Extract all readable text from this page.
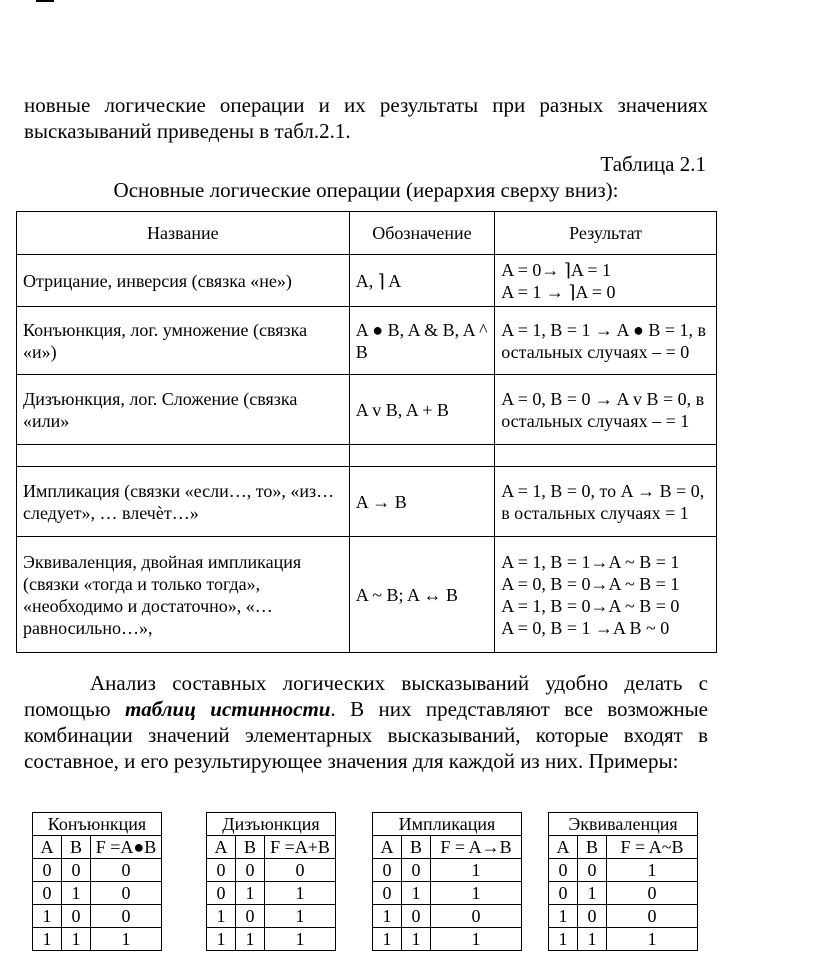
новные логические операции и их результаты при разных значениях высказываний приведены в табл.2.1.
Таблица 2.1
Основные логические операции (иерархия сверху вниз):
Название	Обозначение	Результат
Отрицание, инверсия (связка «не»)	A, ⌉ A	A = 0→ ⌉A = 1
A = 1 → ⌉A = 0

Конъюнкция, лог. умножение (связка «и»)	A ● B, A & B, A ^ B	A = 1, B = 1 → A ● B = 1, в остальных случаях – = 0
Дизъюнкция, лог. Сложение (связка «или»	A v B, A + B	A = 0, B = 0 → A v B = 0, в остальных случаях – = 1

Импликация (связки «если…, то», «из… следует», … влечѐт…»	A → B	A = 1, B = 0, то A → B = 0, в остальных случаях = 1
Эквиваленция, двойная импликация (связки «тогда и только тогда», «необходимо и достаточно», «…равносильно…»,	A ~ B; A ↔ B	A = 1, B = 1→A ~ B = 1
A = 0, B = 0→A ~ B = 1
A = 1, B = 0→A ~ B = 0
A = 0, B = 1 →A B ~ 0
Анализ составных логических высказываний удобно делать с помощью таблиц истинности. В них представляют все возможные комбинации значений элементарных высказываний, которые входят в составное, и его результирующее значения для каждой из них. Примеры:
Конъюнкция		
A	B	F =A●B
0	0	0
0	1	0
1	0	0
1	1	1
Дизъюнкция		
A	B	F =A+B
0	0	0
0	1	1
1	0	1
1	1	1
Импликация		
A	B	F = A→B
0	0	1
0	1	1
1	0	0
1	1	1
Эквиваленция		
A	B	F = A~B
0	0	1
0	1	0
1	0	0
1	1	1
